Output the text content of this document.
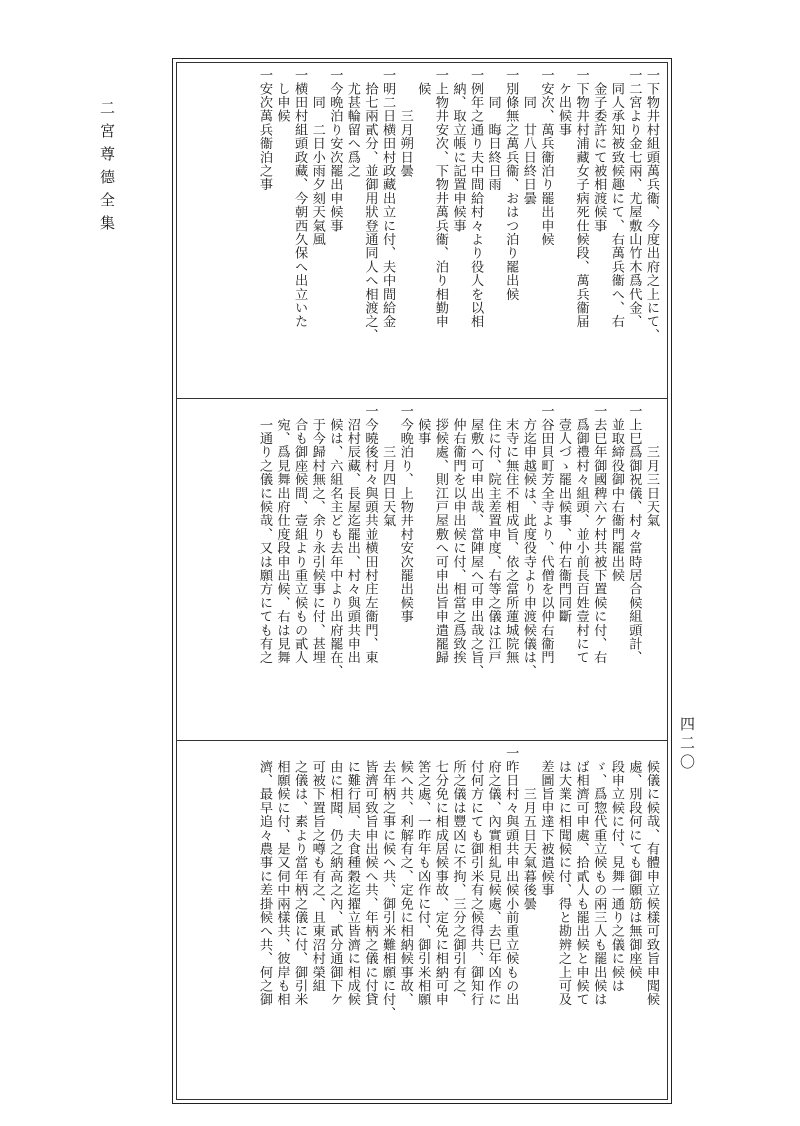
二宮尊德全集
四二〇
一下物井村組頭萬兵衞、今度出府之上にて、
一二宮より金七兩、尤屋敷山竹木爲代金、
　同人承知被致候趣にて、右萬兵衞へ、右
　金子委許にて被相渡候事
一下物井村浦藏女子病死仕候段、萬兵衞届
　ケ出候事
一安次、萬兵衞泊り罷出申候
　　同　廿八日終日曇
一別條無之萬兵衞、おはつ泊り罷出候
　　同　晦日終日雨
一例年之通り夫中間給村々より役人を以相
　納、取立帳に記置申候事
一上物井安次、下物井萬兵衞、泊り相勤申
　候
　　　三月朔日曇
一明二日横田村政藏出立に付、夫中間給金
　拾七兩貳分、並御用狀登通同人へ相渡之、
　尤甚輪留へ爲之
一今晩泊り安次罷出申候事
　　同　二日小雨夕刻天氣風
一横田村組頭政藏、今朝西久保へ出立いた
　し申候
一安次萬兵衞泊之事
　　　三月三日天氣
一上巳爲御祝儀、村々當時居合候組頭計、
　並取締役御中右衞門罷出候
一去巳年御國稗六ケ村共被下置候に付、右
　爲御禮村々組頭、並小前長百姓壹村にて
　壹人づゝ罷出候事、仲右衞門同斷
一谷田貝町芳全寺より、代僧を以仲右衞門
　方迄申越候は、此度役寺より申渡候儀は、
　末寺に無住不相成旨、依之當所蓮城院無
　住に付、院主差置申度、右等之儀は江戸
　屋敷へ可申出哉、當陣屋へ可申出哉之旨、
　仲右衞門を以申出候に付、相當之爲致挨
　拶候處、則江戸屋敷へ可申出旨申遣罷歸
　候事
一今晩泊り、上物井村安次罷出候事
　　　三月四日天氣
一今曉後村々與頭共並横田村庄左衞門、東
　沼村辰藏、長屋迄罷出、村々與頭共申出
　候は、六組名主ども去年中より出府罷在、
　于今歸村無之、余り永引候事に付、甚埋
　合も御座候間、壹組より重立候もの貳人
　宛、爲見舞出府仕度段申出候、右は見舞
　一通り之儀に候哉、又は願方にても有之
　候儀に候哉、有體申立候樣可致旨申聞候
　處、別段何にても御願筋は無御座候
　段申立候に付、見舞一通り之儀に候は
　ゞ、爲惣代重立候もの兩三人も罷出候は
　ば相濟可申處、拾貳人も罷出候と申候て
　は大業に相聞候に付、得と勘辨之上可及
　差圖旨申達下被遣候事
　　　三月五日天氣暮後曇
一昨日村々與頭共申出候小前重立候もの出
　府之儀、內實相糺見候處、去巳年凶作に
　付何方にても御引米有之候得共、御知行
　所之儀は豐凶に不拘、三分之御引有之、
　七分免に相成居候事故、定免に相納可申
　筈之處、一昨年も凶作に付、御引米相願
　候へ共、利解有之、定免に相納候事故、
　去年柄之事に候へ共、御引米難相願に付、
　皆濟可致旨申出候へ共、年柄之儀に付貸
　に難行屆、夫食種穀迄擢立皆濟に相成候
　由に相聞、仍之納高之內、貳分通御下ケ
　可被下置旨之噂も有之、且東沼村榮組
　之儀は、素より當年柄之儀に付、御引米
　相願候に付、是又伺中兩樣共、彼岸も相
　濟、最早追々農事に差掛候へ共、何之御
